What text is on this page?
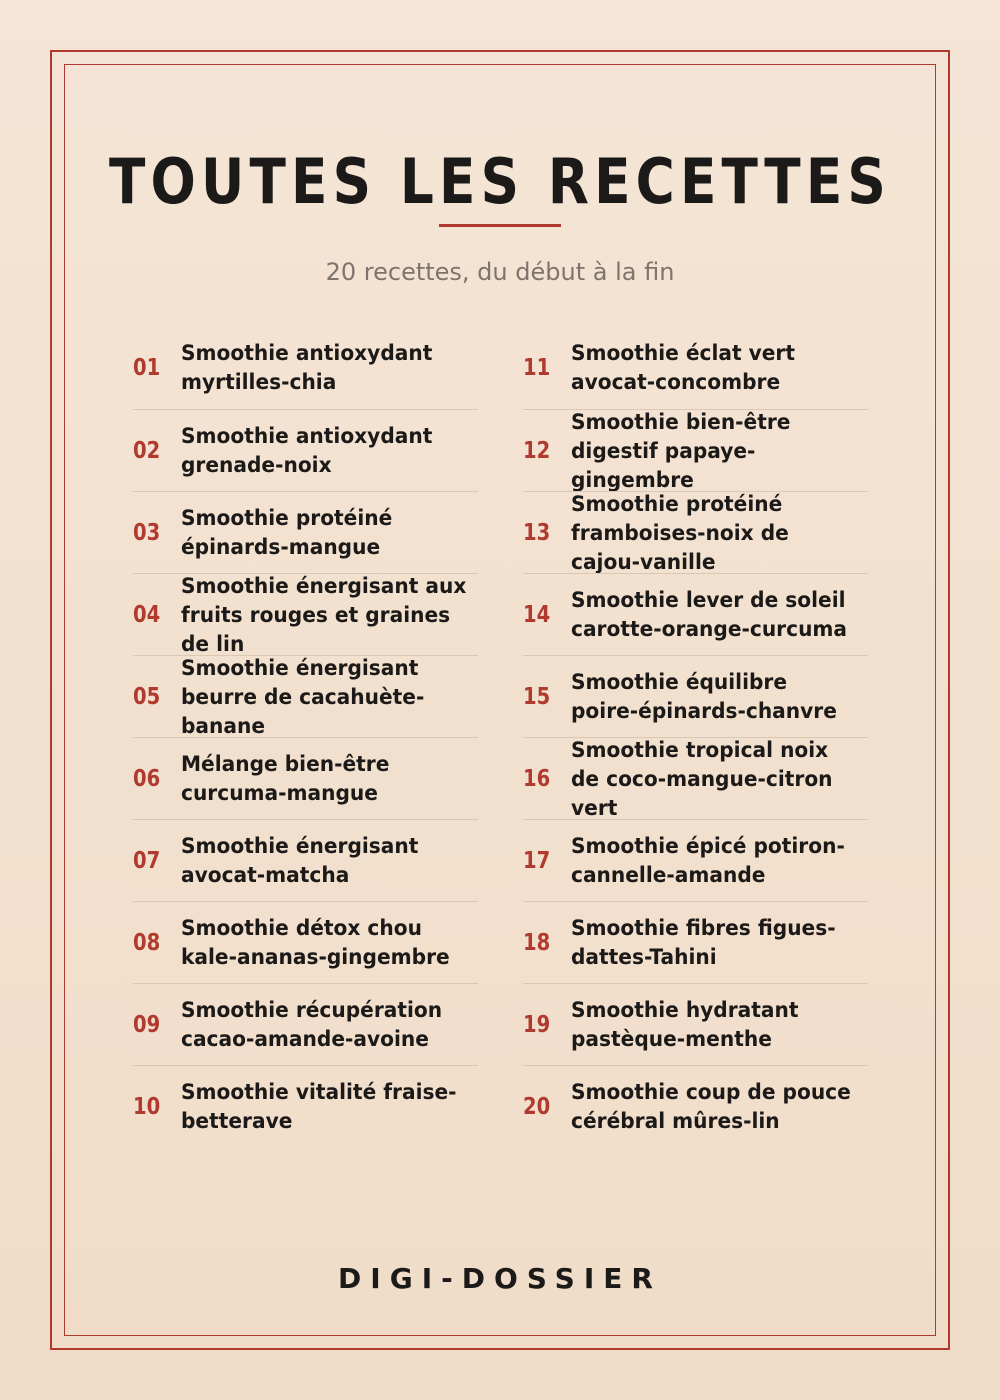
TOUTES LES RECETTES
20 recettes, du début à la fin
01
Smoothie antioxydant myrtilles-chia
02
Smoothie antioxydant grenade-noix
03
Smoothie protéiné épinards-mangue
04
Smoothie énergisant aux fruits rouges et graines de lin
05
Smoothie énergisant beurre de cacahuète-banane
06
Mélange bien-être curcuma-mangue
07
Smoothie énergisant avocat-matcha
08
Smoothie détox chou kale-ananas-gingembre
09
Smoothie récupération cacao-amande-avoine
10
Smoothie vitalité fraise-betterave
11
Smoothie éclat vert avocat-concombre
12
Smoothie bien-être digestif papaye-gingembre
13
Smoothie protéiné framboises-noix de cajou-vanille
14
Smoothie lever de soleil carotte-orange-curcuma
15
Smoothie équilibre poire-épinards-chanvre
16
Smoothie tropical noix de coco-mangue-citron vert
17
Smoothie épicé potiron-cannelle-amande
18
Smoothie fibres figues-dattes-Tahini
19
Smoothie hydratant pastèque-menthe
20
Smoothie coup de pouce cérébral mûres-lin
DIGI-DOSSIER
